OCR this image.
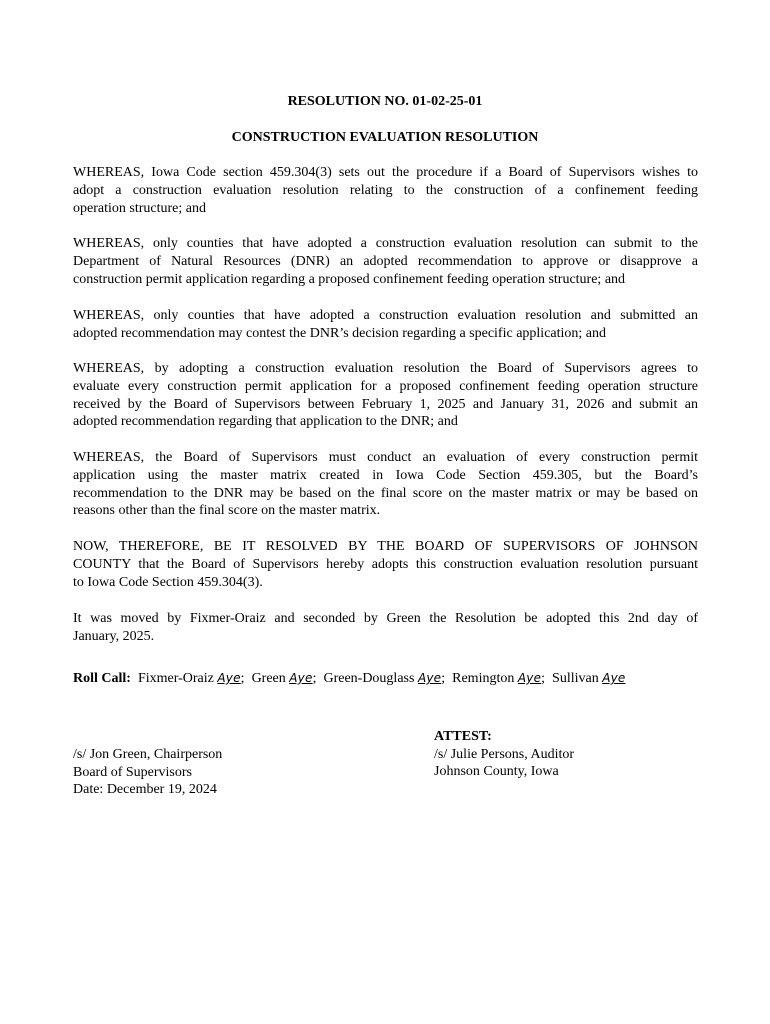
RESOLUTION NO. 01-02-25-01
CONSTRUCTION EVALUATION RESOLUTION
WHEREAS, Iowa Code section 459.304(3) sets out the procedure if a Board of Supervisors wishes to
adopt a construction evaluation resolution relating to the construction of a confinement feeding
operation structure; and
WHEREAS, only counties that have adopted a construction evaluation resolution can submit to the
Department of Natural Resources (DNR) an adopted recommendation to approve or disapprove a
construction permit application regarding a proposed confinement feeding operation structure; and
WHEREAS, only counties that have adopted a construction evaluation resolution and submitted an
adopted recommendation may contest the DNR’s decision regarding a specific application; and
WHEREAS, by adopting a construction evaluation resolution the Board of Supervisors agrees to
evaluate every construction permit application for a proposed confinement feeding operation structure
received by the Board of Supervisors between February 1, 2025 and January 31, 2026 and submit an
adopted recommendation regarding that application to the DNR; and
WHEREAS, the Board of Supervisors must conduct an evaluation of every construction permit
application using the master matrix created in Iowa Code Section 459.305, but the Board’s
recommendation to the DNR may be based on the final score on the master matrix or may be based on
reasons other than the final score on the master matrix.
NOW, THEREFORE, BE IT RESOLVED BY THE BOARD OF SUPERVISORS OF JOHNSON
COUNTY that the Board of Supervisors hereby adopts this construction evaluation resolution pursuant
to Iowa Code Section 459.304(3).
It was moved by Fixmer-Oraiz and seconded by Green the Resolution be adopted this 2nd day of
January, 2025.
Roll Call: Fixmer-Oraiz Aye; Green Aye; Green-Douglass Aye; Remington Aye; Sullivan Aye
/s/ Jon Green, Chairperson
Board of Supervisors
Date: December 19, 2024
ATTEST:
/s/ Julie Persons, Auditor
Johnson County, Iowa
